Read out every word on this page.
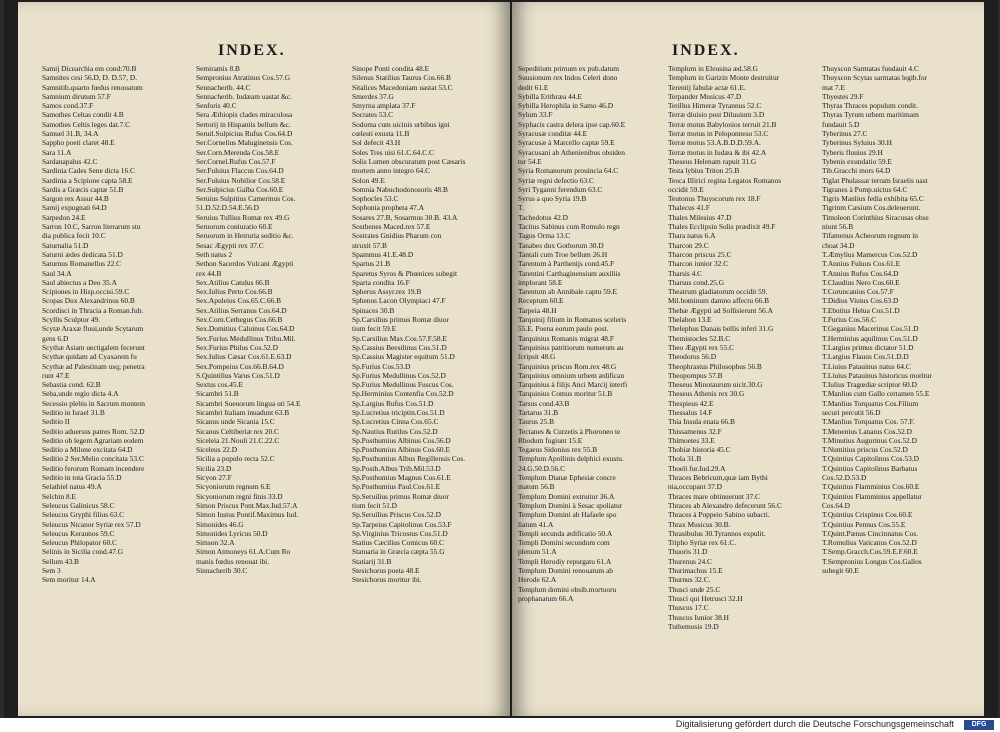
INDEX.
Samij Dicearchia em cond:70.B
Samnites cesi 56.D, D. D.57, D.
Samnitib.quarto fœdus renouatum
Samnium dirutum 57.F
Samos cond.37.F
Samothes Celtas condit 4.B
Samothes Celtis leges dat.7.C
Samuel 31.B, 34.A
Sappho poeti claret 48.E
Sara 11.A
Sardanapalus 42.C
Sardinia Cades Sene dicta 16.C
Sardinia a Scipione capta 58.E
Sardis a Græcis captæ 51.B
Sargon rex Assur 44.B
Samij expugnati 64.D
Sarpedon 24.E
Sarron 10.C, Sarron literarum stu
dia publica fecit 10.C
Saturnalia 51.D
Saturni ædes dedicata 51.D
Saturnus Romanellus 22.C
Saul 34.A
Saul abiectus a Deo 35.A
Scipiones in Hisp.occisi.59.C
Scopas Dux Alexandrinus 60.B
Scordisci in Thracia a Roman.fub.
Scyllis Sculptor 49.
Scytæ Araxæ fluui,unde Scytarum
gens 6.D
Scythæ Asiam uectigalem fecerunt
Scythæ quidam ad Cyaxarem fu
Scythæ ad Palestinam usq; penetra
runt 47.E
Sebastia cond. 62.B
Seba,unde regio dicta 4.A
Secessio plebis in Sacrum montem
Seditio in Israel 31.B
Seditio II
Seditio aduersus patres Rom. 52.D
Seditio ob legem Agrariam eodem
Seditio a Milone excitata 64.D
Seditio 2 Ser.Melio concitata 53.C
Seditio ferorum Romam incendere
Seditio in tota Gracia 55.D
Selathiel natus 49.A
Selchin 8.E
Seleucus Galinicus 58.C
Seleucus Gryphi filius 63.C
Seleucus Nicanor Syriæ rex 57.D
Seleucus Keraunos 59.C
Seleucus Philopator 60.C
Selinis in Sicilia cond.47.G
Sellum 43.B
Sem 3
Sem moritur 14.A
Semiramis 8.B
Sempronius Atratinus Cos.57.G
Sennacherib. 44.C
Sennacherib. Iudæam uastat &c.
Senforis 40.C
Sera Æthiopis clades miraculosa
Sertorij in Hispaniis bellum &c.
Seruil.Sulpicius Rufus Cos.64.D
Ser.Cornelius Maluginensis Cos.
Ser.Corn.Merenda Cos.58.E
Ser.Cornel.Rufus Cos.57.F
Ser.Fuluius Flaccus Cos.64.D
Ser.Fuluius Nobilior Cos.58.E
Ser.Sulpicius Galba Cos.60.E
Seruius Sulpitius Camerinus Cos.
51.D.52.D.54.E.56.D
Seruius Tullius Romæ rex 49.G
Seruorum coniuratio 60.E
Seruorum in Hetruria seditio &c.
Sesac Ægypti rex 37.C
Seth natus 2
Sethon Sacerdos Vulcani Ægypti
rex 44.B
Sex.Atilius Catulus 66.B
Sex.Iulius Perto Cos.66.B
Sex.Apuleius Cos.65.C.66.B
Sex.Atilius Serranus Cos.64.D
Sex.Corn.Cethegus Cos.66.B
Sex.Domitius Caluinus Cos.64.D
Sex.Furius Medullinus Tribu.Mil.
Sex.Furius Philus Cos.52.D
Sex.Iulius Cæsar Cos.61.E.63.D
Sex.Pompeius Cos.66.B.64.D
S.Quintilius Varus Cos.51.D
Sextus cos.45.E
Sicambri 51.B
Sicambri Sueuorum lingua uti 54.E
Sicambri Italiam inuadunt 63.B
Sicanus unde Sicania 15.C
Sicanus Celtiberiæ rex 20.C
Siceleia 21.Nouli 21.C.22.C
Siceleus 22.D
Sicilia a populo recta 52.C
Sicilia 23.D
Sicyon 27.F
Sicyoniorum regnum 6.E
Sicyoniorum regni finis 33.D
Simon Priscus Pont.Max.Iud.57.A
Simon Iustus Pontif.Maximus Iud.
Simonides 46.G
Simonides Lyricus 50.D
Simson 32.A
Simon Atmoneys 61.A.Cum Ro
manis fœdus renouat ibi.
Sinnacherib 30.C
Sinope Ponti condita 48.E
Silenus Statilius Taurus Cos.66.B
Sitalices Macedoniam uastat 53.C
Smerdes 37.G
Smyrna amplata 37.F
Socrates 53.C
Sodoma cum uicinis urbibus igni
cœlesti exusta 11.B
Sol defecit 43.H
Soles Tres uisi 61.C.64.C.C
Solis Lumen obscuratum post Cæsaris
mortem anno integro 64.C
Solon 49.E
Somnia Nabuchodonosoris 48.B
Sophocles 53.C
Sophonia propheta 47.A
Sosares 27.B, Sosarmus 30.B. 43.A
Sosthenes Maced.rex 57.E
Sostrates Gnidius Pharum con
struxit 57.B
Spammus 41.E.48.D
Spartus 21.B
Sparetus Syros & Phœnices subegit
Sparta condita 16.F
Spherus Assyr.rex 19.B
Sphenus Lacon Olympiaci 47.F
Spinaces 30.B
Sp.Carsilius primus Romæ diuor
tium fecit 59.E
Sp.Carsilius Max.Cos.57.F.58.E
Sp.Cassius Beesilinus Cos.51.D
Sp.Cassius Magister equitum 51.D
Sp.Furius Cos.53.D
Sp.Furius Medullinus Cos.52.D
Sp.Furius Medullinus Fuscus Cos.
Sp.Herminius Contenfia Cos.52.D
Sp.Largius Rufus Cos.51.D
Sp.Lucretius triciptin.Cos.51.D
Sp.Lucretius Cinna Cos.65.C
Sp.Nautius Rutilus Cos.52.D
Sp.Posthumius Albinus Cos.56.D
Sp.Posthumius Albinus Cos.60.E
Sp.Posthumius Albus Regillensis Cos.
Sp.Posth.Albus Trib.Mil.53.D
Sp.Posthumius Magnus Cos.61.E
Sp.Posthumius Paul.Cos.61.E
Sp.Seruilius primus Romæ diuor
tium fecit 51.D
Sp.Seruilius Priscus Cos.52.D
Sp.Tarpeius Capitolinus Cos.53.F
Sp.Virginius Tricostus Cos.51.D
Statius Cæcilius Comicus 60.C
Statuaria in Græcia cæpta 55.G
Statiarij 31.B
Stesichorus poeta 48.E
Stesichorus moritur ibi.
INDEX.
Sepeditium primum ex pub.datum
Suusionum rex Indos Celeri dono
dedit 61.E
Sybilla Erithræa 44.E
Sybilla Herophila in Samo 46.D
Sylum 33.F
Syphacis castra delera ipse cap.60.E
Syracusæ conditæ 44.E
Syracusæ à Marcello captæ 59.E
Syracusani ab Athenienibus obsiden
tur 54.E
Syria Romanorum prouincia 64.C
Syriæ regni defectio 63.C
Syri Tyganni ferendum 63.C
Syrus a quo Syria 19.B
T.
Tachedotus 42.D
Tacitus Sabinus cum Romulo regn
Tagus Orma 13.C
Tanabes dux Gothorum 30.D
Tantali cum Troe bellum 26.H
Tarentum à Parthenijs cond.45.F
Tarentini Carthaginensium auxiliis
implorant 58.E
Tarentum ab Annibale captu 59.E
Receptum 60.E
Tarpeia 48.H
Tarquinij filium in Romanos sceleris
55.E. Poena eorum paulo post.
Tarquinius Romanis migrat 48.F
Tarquinius patritiorum numerum au
fcripsit 48.G
Tarquinius priscus Rom.rex 48.G
Tarquinius omnium urbem ædifican
Tarquinius à filijs Anci Marcij interfi
Tarquinius Comus moritur 51.B
Tarsus cond.43.B
Tartarus 31.B
Taurus 25.B
Tectanes & Curzetis à Phoroneo te
Rhodum fugiunt 15.E
Tegaeus Sidonius rex 55.B
Templum Apollinis delphici exustu.
24.G.50.D.56.C
Templum Dianæ Ephesiæ concre
matum 56.B
Templum Domini extruitur 36.A
Templum Domini à Sesac spoliatur
Templum Domini ab Hafaele spo
liatum 41.A
Templi secunda ædificatio 50.A
Templi Domini secundum com
plenum 51.A
Templi Herodiy repurgatu 61.A
Templum Domini renouatum ab
Herode 62.A
Templum domini obsib.mortuoru
prophanatum 66.A
Templum in Eleusina æd.58.G
Templum in Garizin Monte destruitur
Terentij fabulæ actæ 61.E.
Terpander Musicus 47.D
Terillus Himeræ Tyrannus 52.C
Terræ diuisio post Diluuium 3.D
Terræ motus Babylonios terruit 21.B
Terræ motus in Peloponneso 53.C
Terræ motus 53.A.B.D.D.59.A.
Terræ motus in Iudæa & ibi 42.A
Theseus Helenam rapuit 31.G
Testa lybius Triton 25.B
Teuca Illirici regina Legatos Romanos
occidit 59.E
Teutonus Thuyscorum rex 18.F
Thalecus 41.F
Thales Milesius 47.D
Thales Ecclipsin Solis prædixit 49.F
Thara natus 6.A
Tharcon 29.C
Tharcon priscus 25.C
Tharcon iunior 32.C
Tharsis 4.C
Tharsus cond.25.G
Theatrum gladiatorum occidit 59.
Mil.hominum damno affectu 66.B
Thebæ Ægypti ad Sollisierunt 56.A
Thelabon 13.E
Thelephus Danais bellis inferi 31.G
Themistocles 52.B.C
Theo Ægypti rex 55.C
Theodorus 56.D
Theophrastus Philosophus 56.B
Theopompus 57.B
Theseus Minotaurum uicit.30.G
Theseus Athenis rex 30.G
Thespieus 42.E
Thessalus 14.F
Thia Insula enata 66.B
Thissamenus 32.F
Thimoetes 33.E
Thobiæ historia 45.C
Thola 31.B
Thoeli fur.Iud.29.A
Thraces Bebricum,quæ iam Bythi
nia,occupant 37.D
Thraces mare obtinuerunt 37.C
Thraces ab Alexandro defecerunt 56.C
Thraces à Poppeio Sabino subacti.
Thrax Musicus 30.B.
Thrasibulus 30.Tyrannos expulit.
Tripho Syriæ rex 61.C.
Thuoris 31.D
Thurenus 24.C
Thurimachus 15.E
Thurnus 32.C.
Thusci unde 25.C
Thusci qui Hetrusci 32.H
Thuscus 17.C
Thuscus Iunior 38.H
Tuthemosis 19.D
Thuyscon Sarmatas fundauit 4.C
Thuyscon Scytas sarmatas legib.for
mat 7.E
Thyestes 29.F
Thyras Thraces populum condit.
Thyras Tyrum urbem maritimam
fundauit 5.D
Tyberinus 27.C
Tyberinus Syluius 30.H
Tyberis fluuius 29.H
Tybenis exundatio 59.E
Tib.Gracchi mors 64.D
Tiglat Phulassar terram Israelis uast
Tigranes à Pomp.uictus 64.C
Tigris Manlius fedia exhibita 65.C
Tigrinm Cæsium Cos.deleuerunt.
Timoleon Corinthius Siracusas obse
niunt 56.B
Tifamenus Acheorum regnum in
choat 34.D
T.Æmylius Mamercus Cos.52.D
T.Annius Fuluus Cos.61.E
T.Annius Rufus Cos.64.D
T.Claudius Nero Cos.60.E
T.Coruncanius Cos.57.F
T.Didius Viuius Cos.63.D
T.Ebutius Helua Cos.51.D
T.Furius Cos.56.C
T.Geganius Macerinus Cos.51.D
T.Herminius aquilinus Cos.51.D
T.Largius primus dictator 51.D
T.Largius Flauus Cos.51.D.D
T.Liuius Patauinus natus 64.C
T.Liuius Patauinus historicus moritur
T.Iulius Tragœdiæ scriptor 60.D
T.Manlius cum Gallo certamen 55.E
T.Manlius Torquatus Cos.Filium
securi percutit 56.D
T.Manlius Torquatus Cos. 57.F.
T.Menenius Lanatus Cos.52.D
T.Minutius Augurinus Cos.52.D
T.Numitius priscus Cos.52.D
T.Quintius Capitolinus Cos.53.D
T.Quintius Capitolinus Barbatus
Cos.52.D.53.D
T.Quintius Flamminius Cos.60.E
T.Quintius Flamminius appellatur
Cos.64.D
T.Quintius Crispinus Cos.60.E
T.Quintius Pennus Cos.55.E
T.Quint.Pænus Cincinnatus Cos.
T.Romulius Vaticanus Cos.52.D
T.Semp.Gracch.Cos.59.E.F.60.E
T.Sempronius Longus Cos.Gallos
subegit 60.E
Digitalisierung gefördert durch die Deutsche Forschungsgemeinschaft	DFG
